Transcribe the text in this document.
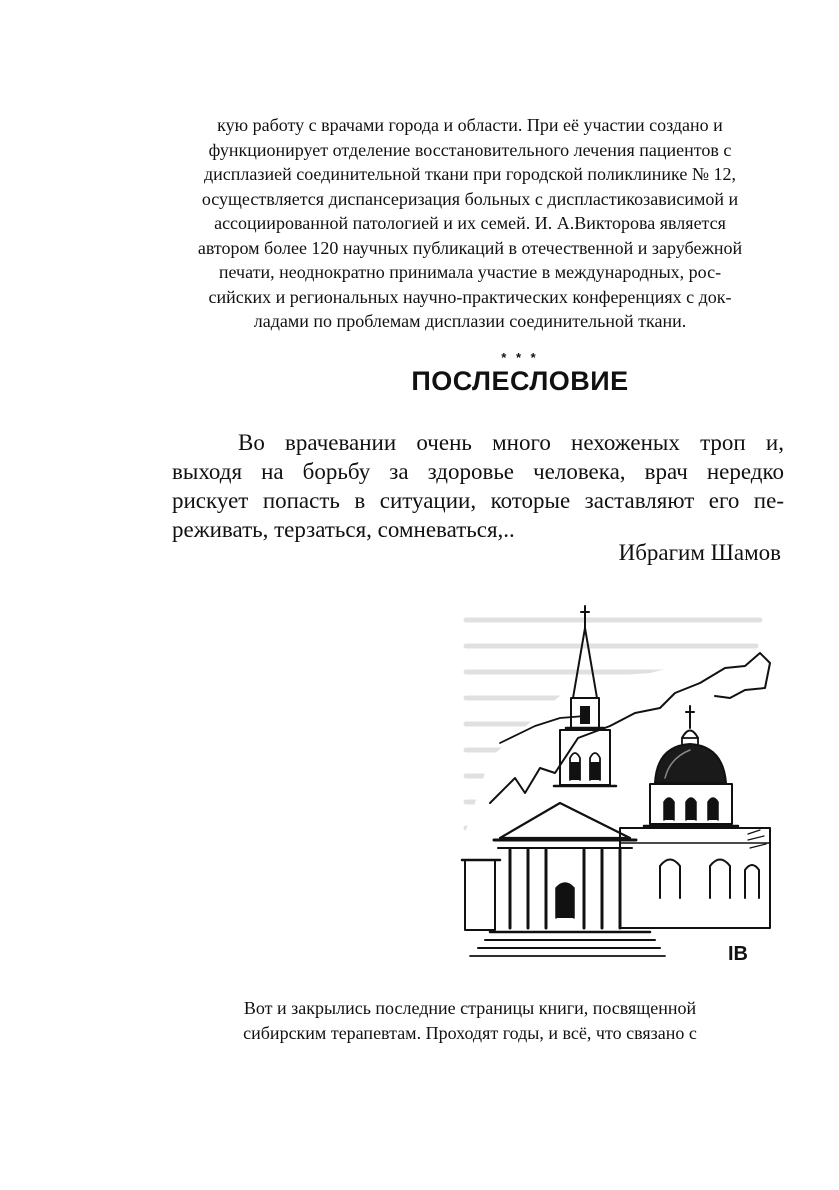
кую работу с врачами города и области. При её участии создано и
функционирует отделение восстановительного лечения пациентов с
дисплазией соединительной ткани при городской поликлинике № 12,
осуществляется диспансеризация больных с диспластикозависимой и
ассоциированной патологией и их семей. И. А.Викторова является
автором более 120 научных публикаций в отечественной и зарубежной
печати, неоднократно принимала участие в международных, рос-
сийских и региональных научно-практических конференциях с док-
ладами по проблемам дисплазии соединительной ткани.
* * *
ПОСЛЕСЛОВИЕ
Во врачевании очень много нехоженых троп и,
выходя на борьбу за здоровье человека, врач нередко
рискует попасть в ситуации, которые заставляют его пе-
реживать, терзаться, сомневаться,..
Ибрагим Шамов
IB
Вот и закрылись последние страницы книги, посвященной
сибирским терапевтам. Проходят годы, и всё, что связано с
